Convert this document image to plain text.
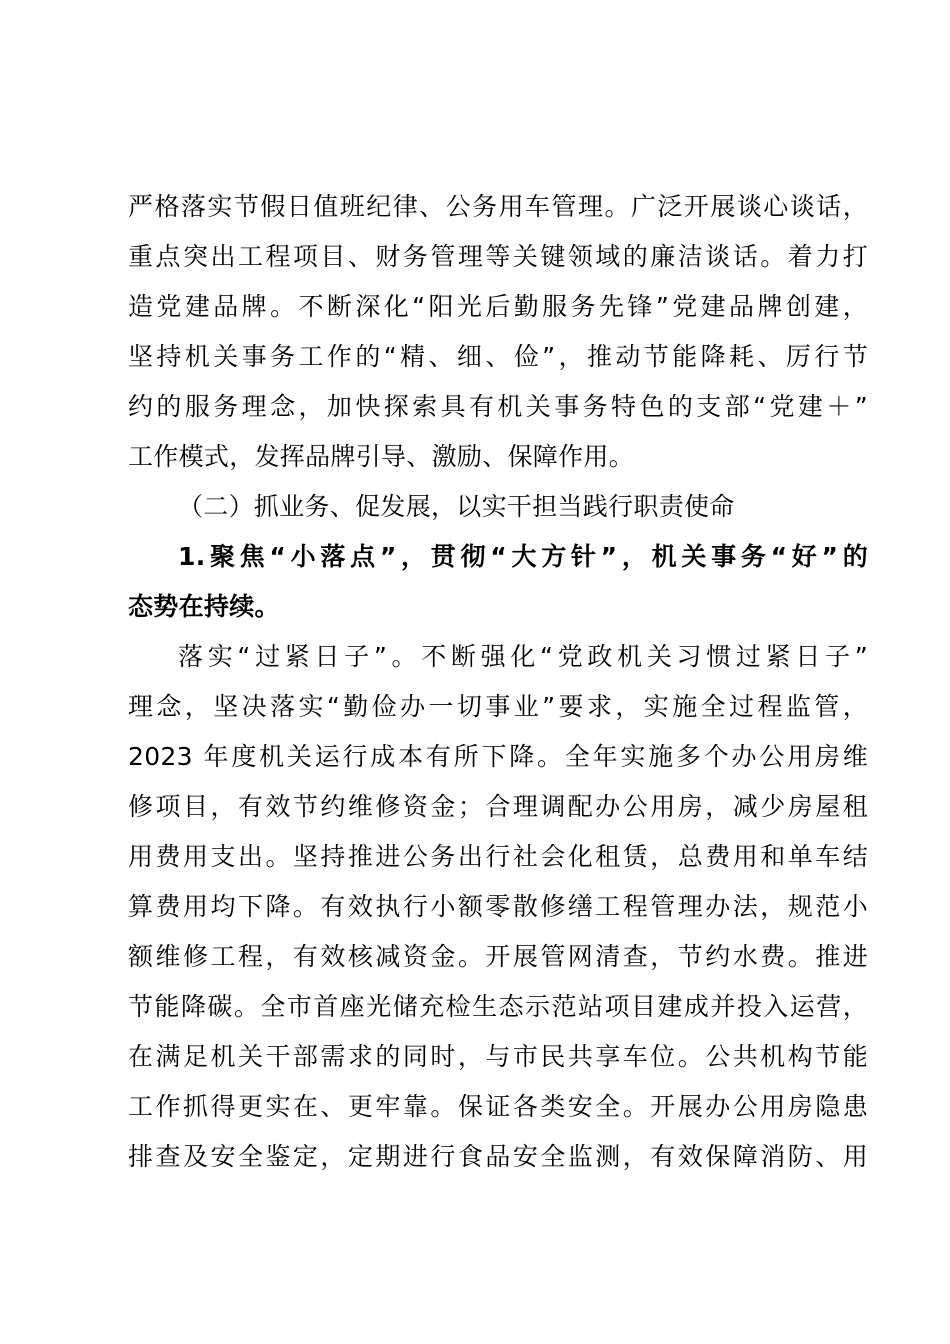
严格落实节假日值班纪律、公务用车管理。广泛开展谈心谈话，
重点突出工程项目、财务管理等关键领域的廉洁谈话。着力打
造党建品牌。不断深化“阳光后勤服务先锋”党建品牌创建，
坚持机关事务工作的“精、细、俭”，推动节能降耗、厉行节
约的服务理念，加快探索具有机关事务特色的支部“党建＋”
工作模式，发挥品牌引导、激励、保障作用。
（二）抓业务、促发展，以实干担当践行职责使命
1.聚焦“小落点”，贯彻“大方针”，机关事务“好”的
态势在持续。
落实“过紧日子”。不断强化“党政机关习惯过紧日子”
理念，坚决落实“勤俭办一切事业”要求，实施全过程监管，
2023 年度机关运行成本有所下降。全年实施多个办公用房维
修项目，有效节约维修资金；合理调配办公用房，减少房屋租
用费用支出。坚持推进公务出行社会化租赁，总费用和单车结
算费用均下降。有效执行小额零散修缮工程管理办法，规范小
额维修工程，有效核减资金。开展管网清查，节约水费。推进
节能降碳。全市首座光储充检生态示范站项目建成并投入运营，
在满足机关干部需求的同时，与市民共享车位。公共机构节能
工作抓得更实在、更牢靠。保证各类安全。开展办公用房隐患
排查及安全鉴定，定期进行食品安全监测，有效保障消防、用
